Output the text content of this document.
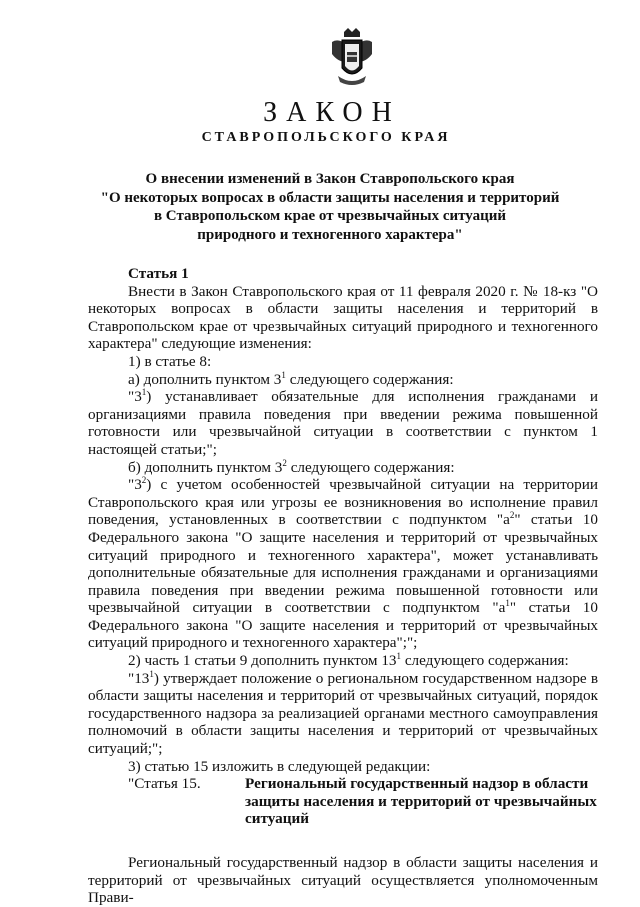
ЗАКОН
СТАВРОПОЛЬСКОГО КРАЯ
О внесении изменений в Закон Ставропольского края
"О некоторых вопросах в области защиты населения и территорий
в Ставропольском крае от чрезвычайных ситуаций
природного и техногенного характера"

Статья 1

Внести в Закон Ставропольского края от 11 февраля 2020 г. № 18-кз "О некоторых вопросах в области защиты населения и территорий в Ставропольском крае от чрезвычайных ситуаций природного и техногенного характера" следующие изменения:

1) в статье 8:

а) дополнить пунктом $3^1$ следующего содержания:

"$3^1$) устанавливает обязательные для исполнения гражданами и организациями правила поведения при введении режима повышенной готовности или чрезвычайной ситуации в соответствии с пунктом 1 настоящей статьи;";

б) дополнить пунктом $3^2$ следующего содержания:

"$3^2$) с учетом особенностей чрезвычайной ситуации на территории Ставропольского края или угрозы ее возникновения во исполнение правил поведения, установленных в соответствии с подпунктом "$а^2$" статьи 10 Федерального закона "О защите населения и территорий от чрезвычайных ситуаций природного и техногенного характера", может устанавливать дополнительные обязательные для исполнения гражданами и организациями правила поведения при введении режима повышенной готовности или чрезвычайной ситуации в соответствии с подпунктом "$а^1$" статьи 10 Федерального закона "О защите населения и территорий от чрезвычайных ситуаций природного и техногенного характера";";

2) часть 1 статьи 9 дополнить пунктом $13^1$ следующего содержания:

"$13^1$) утверждает положение о региональном государственном надзоре в области защиты населения и территорий от чрезвычайных ситуаций, порядок государственного надзора за реализацией органами местного самоуправления полномочий в области защиты населения и территорий от чрезвычайных ситуаций;";

3) статью 15 изложить в следующей редакции:

"Статья 15.	Региональный государственный надзор в области защиты населения и территорий от чрезвычайных ситуаций

Региональный государственный надзор в области защиты населения и территорий от чрезвычайных ситуаций осуществляется уполномоченным Прави-
